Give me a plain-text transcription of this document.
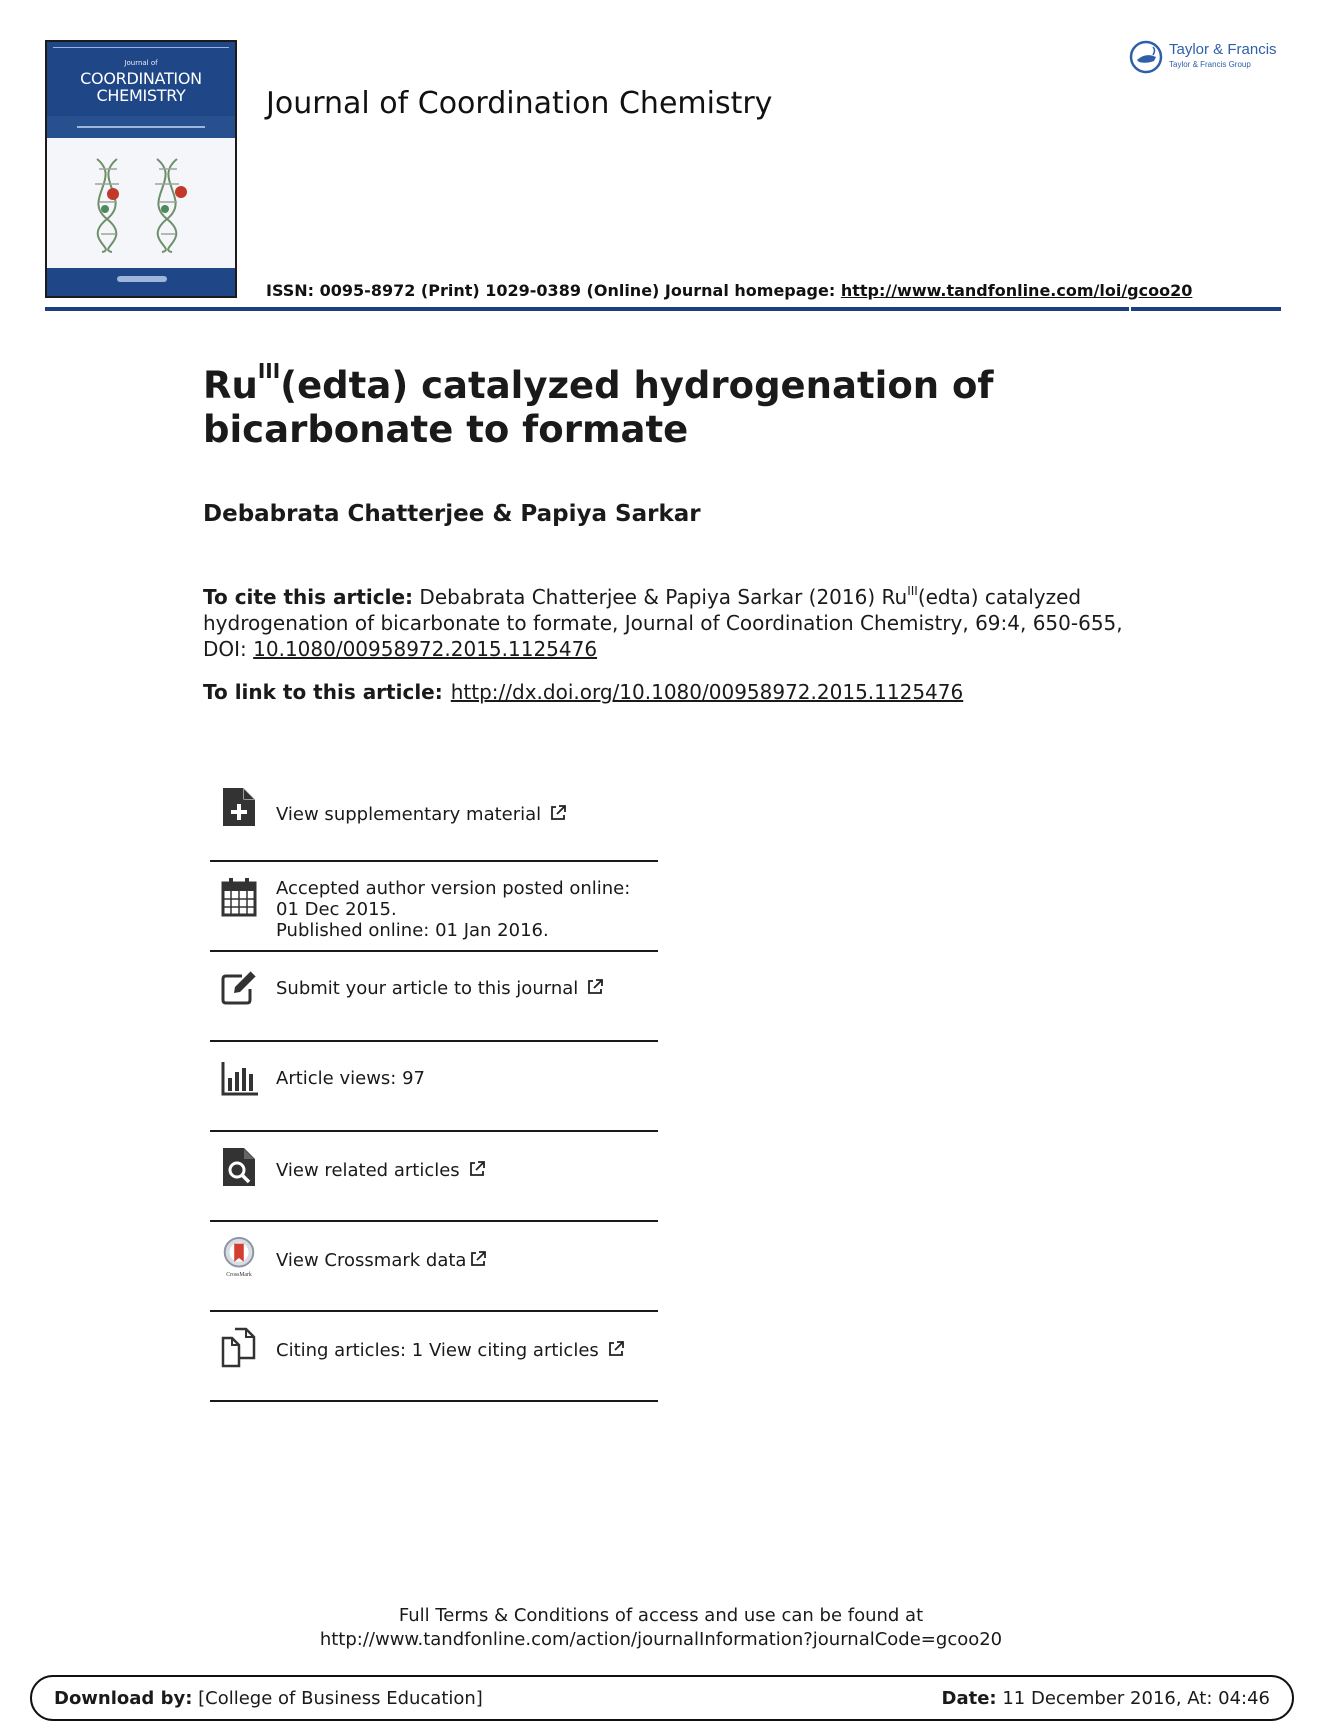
Journal of
COORDINATION
CHEMISTRY	Journal of Coordination Chemistry
ISSN: 0095-8972 (Print) 1029-0389 (Online) Journal homepage: http://www.tandfonline.com/loi/gcoo20
Taylor & Francis
Taylor & Francis Group
$Ru^{III}(edta)$ catalyzed hydrogenation of bicarbonate to formate
Debabrata Chatterjee & Papiya Sarkar
To cite this article: Debabrata Chatterjee & Papiya Sarkar (2016) $Ru^{III}(edta)$ catalyzed hydrogenation of bicarbonate to formate, Journal of Coordination Chemistry, 69:4, 650-655, DOI: 10.1080/00958972.2015.1125476
To link to this article: http://dx.doi.org/10.1080/00958972.2015.1125476
View supplementary material
Accepted author version posted online: 01 Dec 2015.
Published online: 01 Jan 2016.
Submit your article to this journal
Article views: 97
View related articles
CrossMark
View Crossmark data
Citing articles: 1 View citing articles
Full Terms & Conditions of access and use can be found at
http://www.tandfonline.com/action/journalInformation?journalCode=gcoo20
Download by: [College of Business Education]	Date: 11 December 2016, At: 04:46
